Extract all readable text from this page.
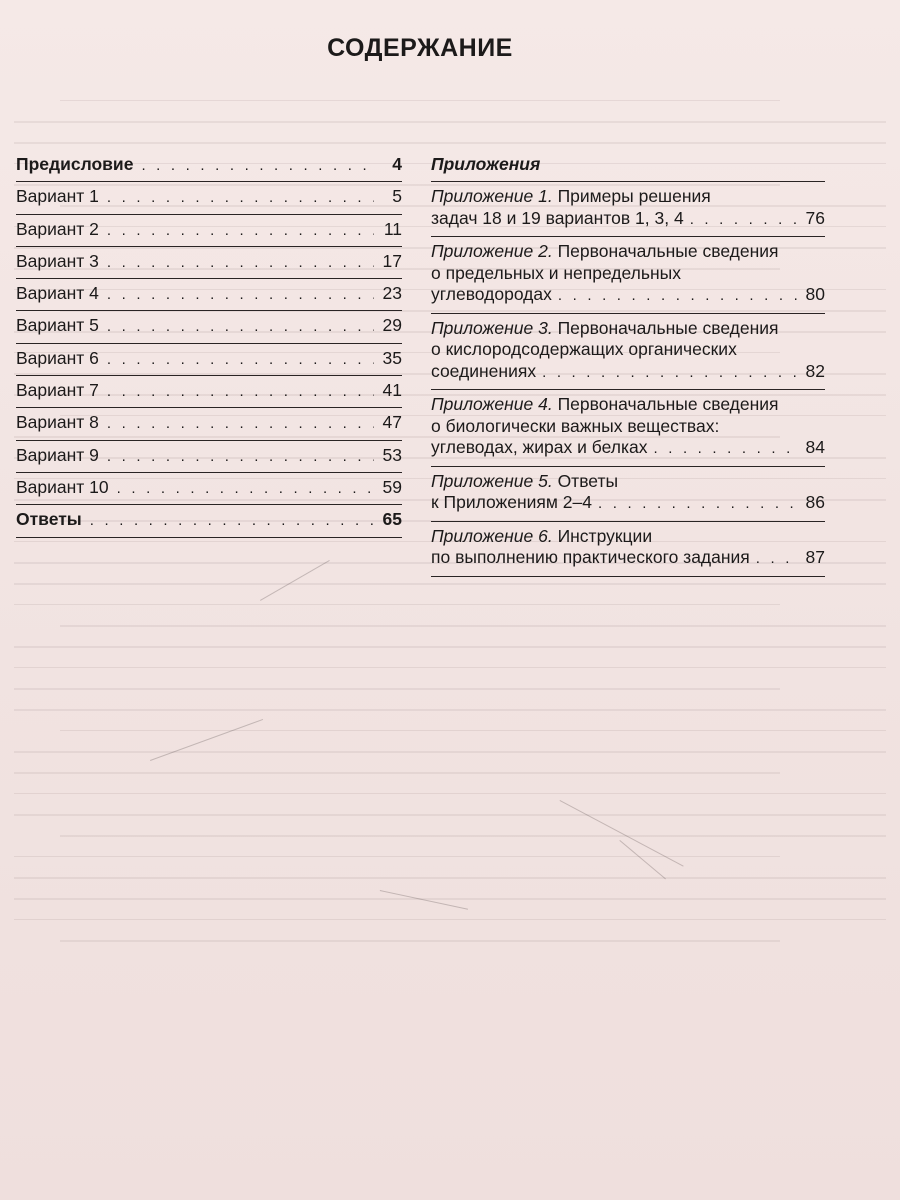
СОДЕРЖАНИЕ
Предисловие . . .	4
Вариант 1 . . .	5
Вариант 2 . . .	11
Вариант 3 . . .	17
Вариант 4 . . .	23
Вариант 5 . . .	29
Вариант 6 . . .	35
Вариант 7 . . .	41
Вариант 8 . . .	47
Вариант 9 . . .	53
Вариант 10 . . .	59
Ответы . . .	65
Приложения
Приложение 1. Примеры решения
задач 18 и 19 вариантов 1, 3, 4 . . .	76
Приложение 2. Первоначальные сведения
о предельных и непредельных
углеводородах . . .	80
Приложение 3. Первоначальные сведения
о кислородсодержащих органических
соединениях . . .	82
Приложение 4. Первоначальные сведения
о биологически важных веществах:
углеводах, жирах и белках . . .	84
Приложение 5. Ответы
к Приложениям 2–4 . . .	86
Приложение 6. Инструкции
по выполнению практического задания . . .	87
